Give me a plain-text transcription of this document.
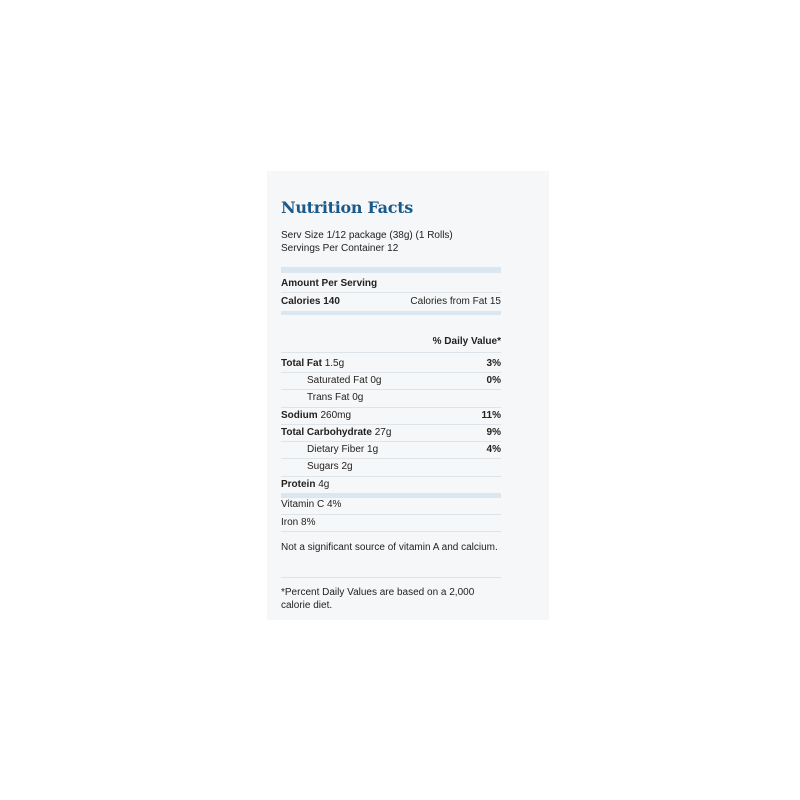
Nutrition Facts
Serv Size 1/12 package (38g) (1 Rolls)
Servings Per Container 12
Amount Per Serving
Calories 140	Calories from Fat 15
% Daily Value*
Total Fat 1.5g	3%
Saturated Fat 0g	0%
Trans Fat 0g
Sodium 260mg	11%
Total Carbohydrate 27g	9%
Dietary Fiber 1g	4%
Sugars 2g
Protein 4g
Vitamin C 4%
Iron 8%
Not a significant source of vitamin A and calcium.
*Percent Daily Values are based on a 2,000
calorie diet.
